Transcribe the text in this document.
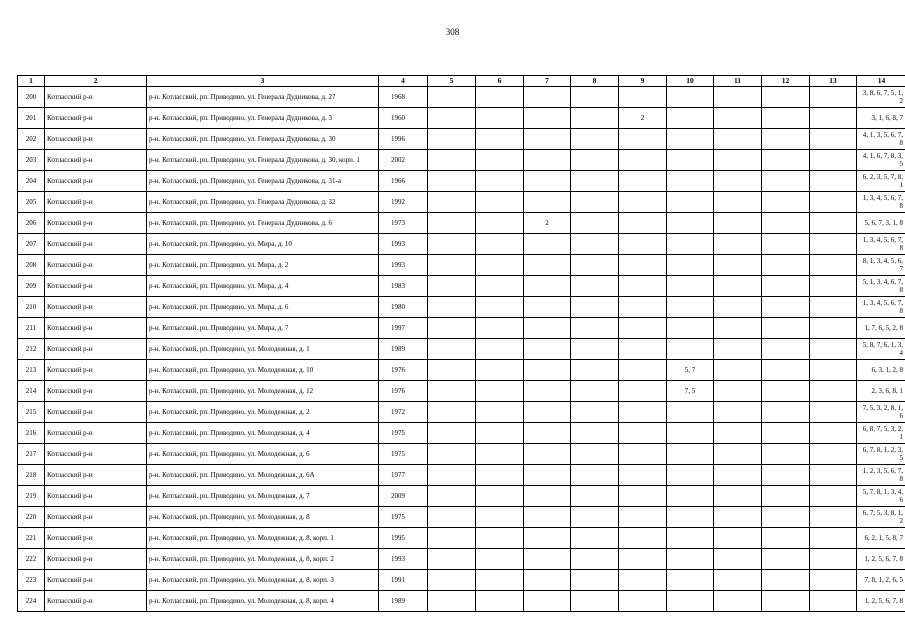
308
1	2	3	4	5	6	7	8	9	10	11	12	13	14
200	Котласский р-н	р-н. Котласский, рп. Приводино, ул. Генерала Дудникова, д. 27	1968										3, 8, 6, 7, 5, 1, 2
201	Котласский р-н	р-н. Котласский, рп. Приводино, ул. Генерала Дудникова, д. 3	1960					2					3, 1, 6, 8, 7
202	Котласский р-н	р-н. Котласский, рп. Приводино, ул. Генерала Дудникова, д. 30	1996										4, 1, 3, 5, 6, 7, 8
203	Котласский р-н	р-н. Котласский, рп. Приводино, ул. Генерала Дудникова, д. 30, корп. 1	2002										4, 1, 6, 7, 8, 3, 5
204	Котласский р-н	р-н. Котласский, рп. Приводино, ул. Генерала Дудникова, д. 31-а	1966										6, 2, 3, 5, 7, 8, 1
205	Котласский р-н	р-н. Котласский, рп. Приводино, ул. Генерала Дудникова, д. 32	1992										1, 3, 4, 5, 6, 7, 8
206	Котласский р-н	р-н. Котласский, рп. Приводино, ул. Генерала Дудникова, д. 6	1973			2							5, 6, 7, 3, 1, 8
207	Котласский р-н	р-н. Котласский, рп. Приводино, ул. Мира, д. 10	1993										1, 3, 4, 5, 6, 7, 8
208	Котласский р-н	р-н. Котласский, рп. Приводино, ул. Мира, д. 2	1993										8, 1, 3, 4, 5, 6, 7
209	Котласский р-н	р-н. Котласский, рп. Приводино, ул. Мира, д. 4	1983										5, 1, 3, 4, 6, 7, 8
210	Котласский р-н	р-н. Котласский, рп. Приводино, ул. Мира, д. 6	1980										1, 3, 4, 5, 6, 7, 8
211	Котласский р-н	р-н. Котласский, рп. Приводино, ул. Мира, д. 7	1997										1, 7, 6, 5, 2, 8
212	Котласский р-н	р-н. Котласский, рп. Приводино, ул. Молодежная, д. 1	1989										5, 8, 7, 6, 1, 3, 4
213	Котласский р-н	р-н. Котласский, рп. Приводино, ул. Молодежная, д. 10	1976						5, 7				6, 3, 1, 2, 8
214	Котласский р-н	р-н. Котласский, рп. Приводино, ул. Молодежная, д. 12	1976						7, 5				2, 3, 6, 8, 1
215	Котласский р-н	р-н. Котласский, рп. Приводино, ул. Молодежная, д. 2	1972										7, 5, 3, 2, 8, 1, 6
216	Котласский р-н	р-н. Котласский, рп. Приводино, ул. Молодежная, д. 4	1975										6, 8, 7, 5, 3, 2, 1
217	Котласский р-н	р-н. Котласский, рп. Приводино, ул. Молодежная, д. 6	1975										6, 7, 8, 1, 2, 3, 5
218	Котласский р-н	р-н. Котласский, рп. Приводино, ул. Молодежная, д. 6А	1977										1, 2, 3, 5, 6, 7, 8
219	Котласский р-н	р-н. Котласский, рп. Приводино, ул. Молодежная, д. 7	2009										5, 7, 8, 1, 3, 4, 6
220	Котласский р-н	р-н. Котласский, рп. Приводино, ул. Молодежная, д. 8	1975										6, 7, 5, 3, 8, 1, 2
221	Котласский р-н	р-н. Котласский, рп. Приводино, ул. Молодежная, д. 8, корп. 1	1995										6, 2, 1, 5, 8, 7
222	Котласский р-н	р-н. Котласский, рп. Приводино, ул. Молодежная, д. 8, корп. 2	1993										1, 2, 5, 6, 7, 8
223	Котласский р-н	р-н. Котласский, рп. Приводино, ул. Молодежная, д. 8, корп. 3	1991										7, 8, 1, 2, 6, 5
224	Котласский р-н	р-н. Котласский, рп. Приводино, ул. Молодежная, д. 8, корп. 4	1989										1, 2, 5, 6, 7, 8
